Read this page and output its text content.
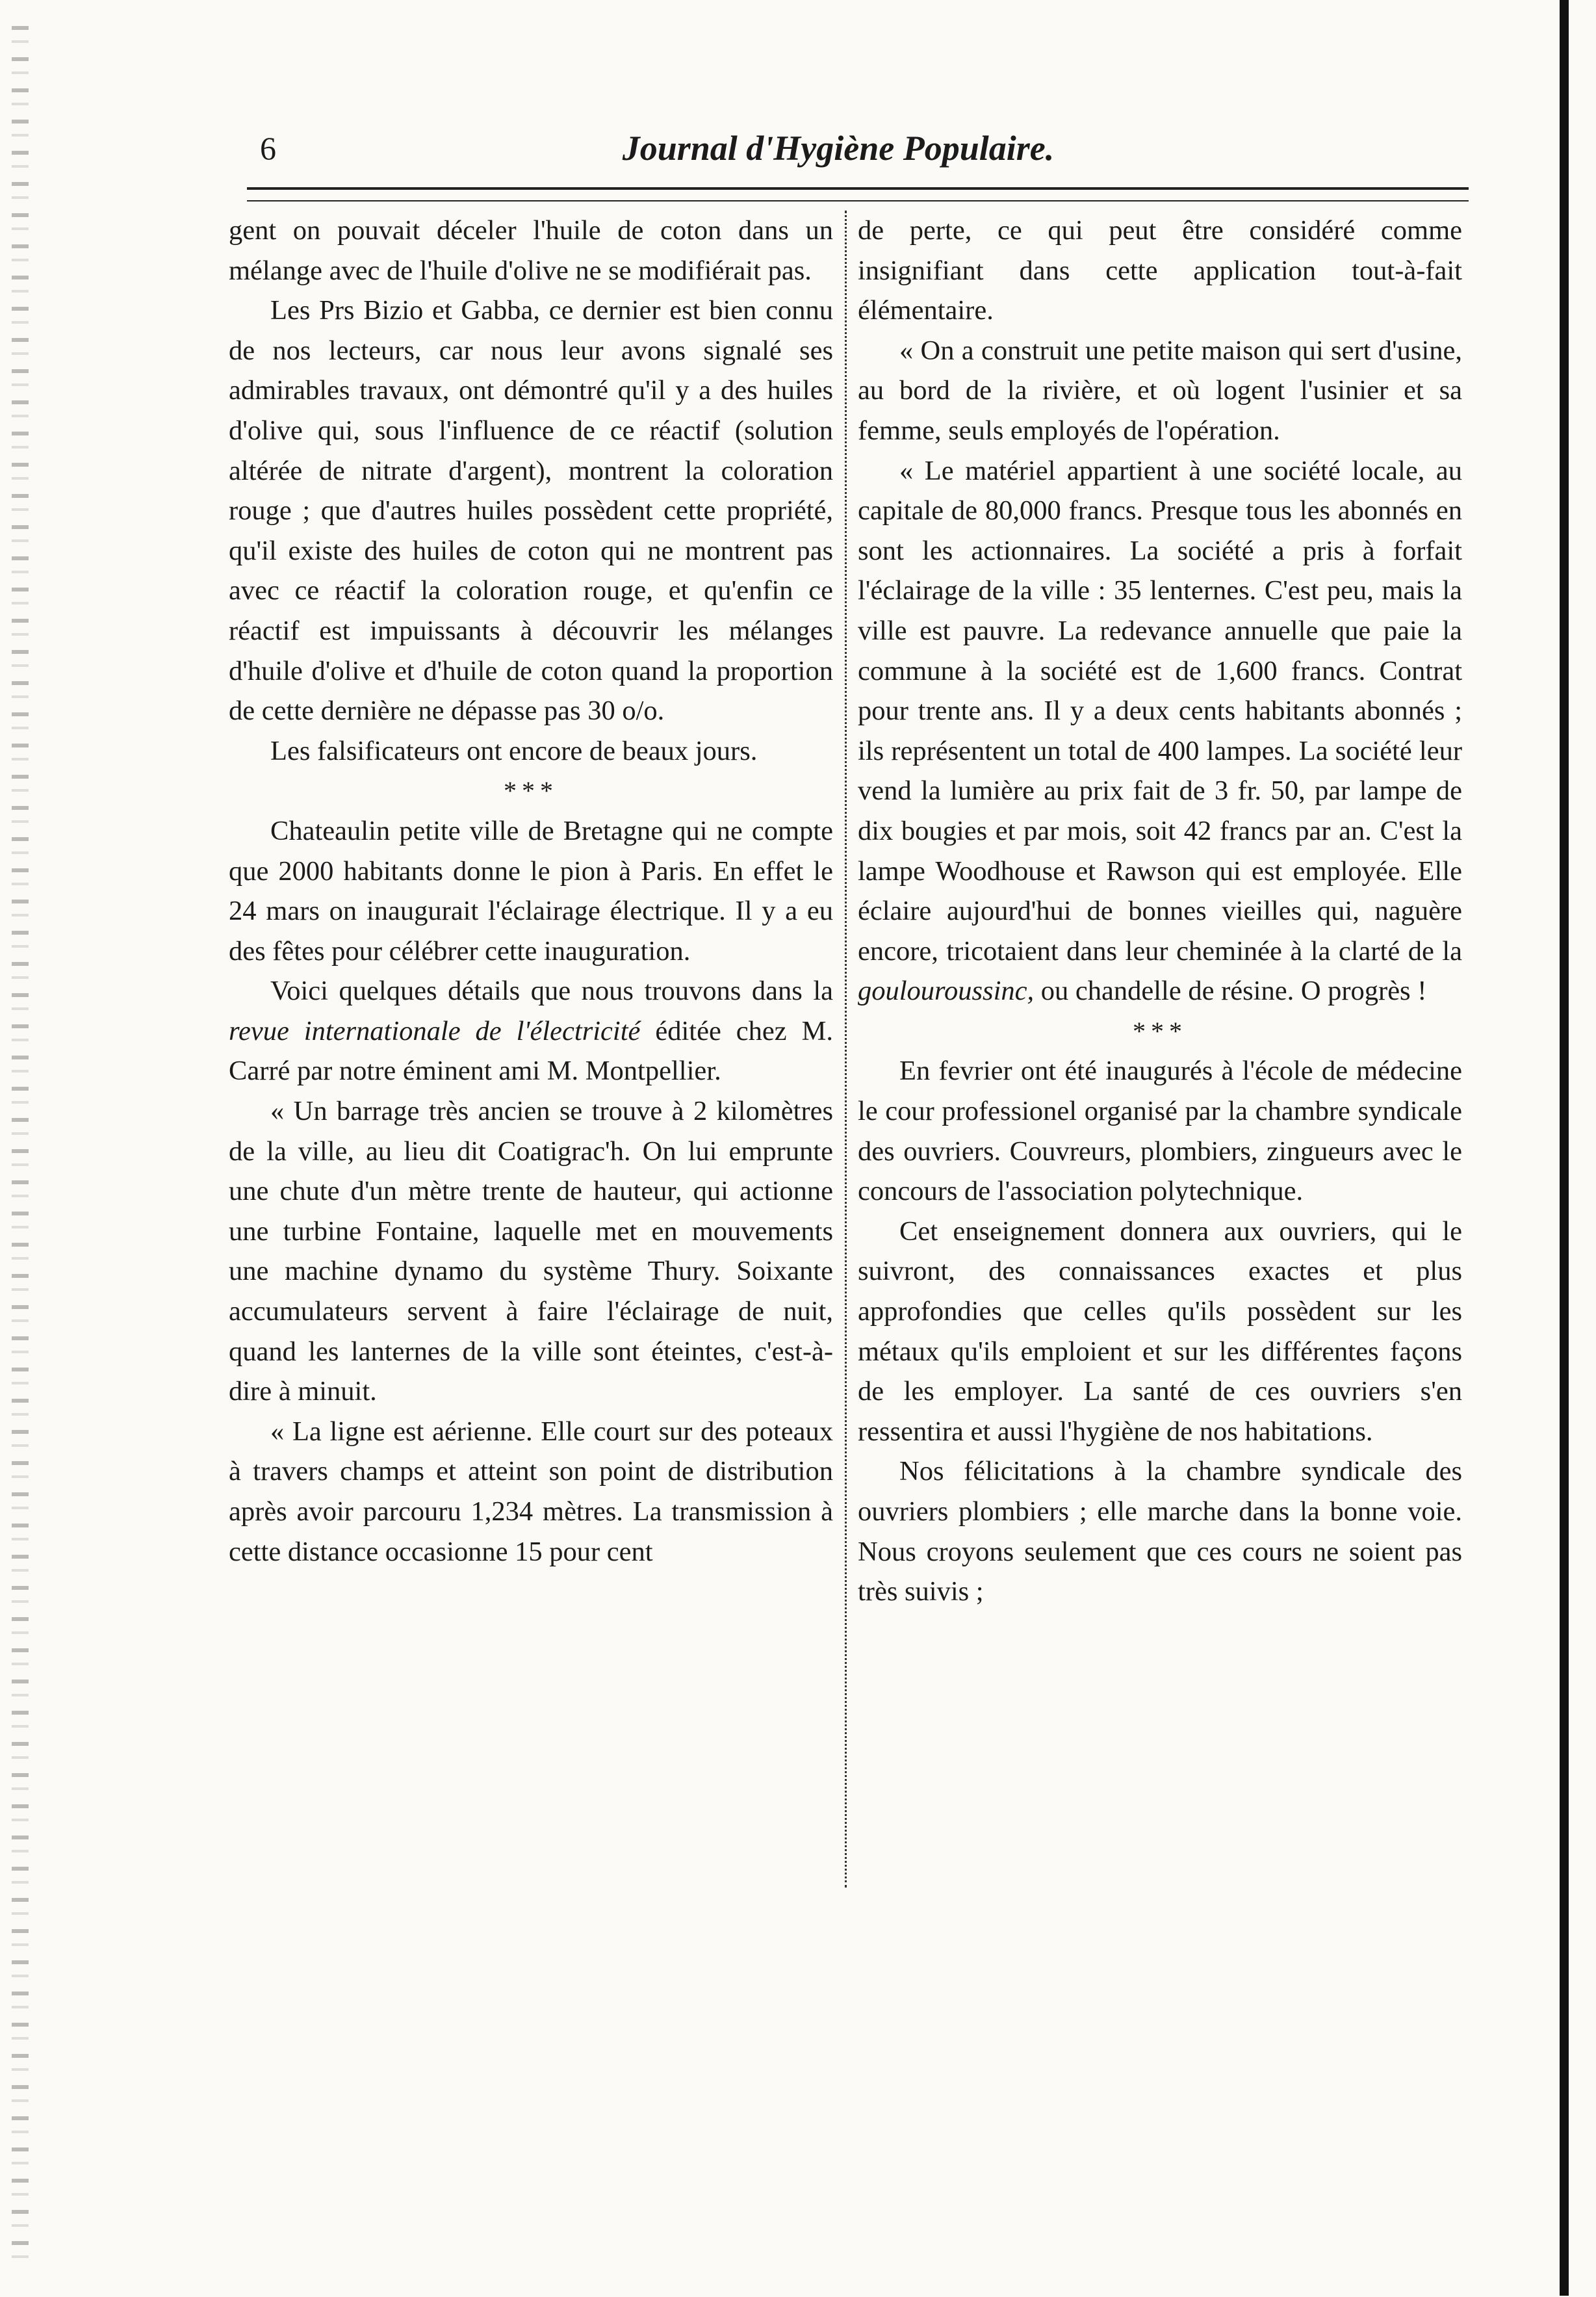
6	Journal d'Hygiène Populaire.

gent on pouvait déceler l'huile de coton dans un mélange avec de l'huile d'olive ne se modifiérait pas.

Les Prs Bizio et Gabba, ce dernier est bien connu de nos lecteurs, car nous leur avons signalé ses admirables travaux, ont démontré qu'il y a des huiles d'olive qui, sous l'influence de ce réactif (solution altérée de nitrate d'argent), montrent la coloration rouge ; que d'autres huiles possèdent cette propriété, qu'il existe des huiles de coton qui ne montrent pas avec ce réactif la coloration rouge, et qu'enfin ce réactif est impuissants à découvrir les mélanges d'huile d'olive et d'huile de coton quand la proportion de cette dernière ne dépasse pas 30 o/o.

Les falsificateurs ont encore de beaux jours.

***

Chateaulin petite ville de Bretagne qui ne compte que 2000 habitants donne le pion à Paris. En effet le 24 mars on inaugurait l'éclairage électrique. Il y a eu des fêtes pour célébrer cette inauguration.

Voici quelques détails que nous trouvons dans la revue internationale de l'électricité éditée chez M. Carré par notre éminent ami M. Montpellier.

« Un barrage très ancien se trouve à 2 kilomètres de la ville, au lieu dit Coatigrac'h. On lui emprunte une chute d'un mètre trente de hauteur, qui actionne une turbine Fontaine, laquelle met en mouvements une machine dynamo du système Thury. Soixante accumulateurs servent à faire l'éclairage de nuit, quand les lanternes de la ville sont éteintes, c'est-à-dire à minuit.

« La ligne est aérienne. Elle court sur des poteaux à travers champs et atteint son point de distribution après avoir parcouru 1,234 mètres. La transmission à cette distance occasionne 15 pour cent

de perte, ce qui peut être considéré comme insignifiant dans cette application tout-à-fait élémentaire.

« On a construit une petite maison qui sert d'usine, au bord de la rivière, et où logent l'usinier et sa femme, seuls employés de l'opération.

« Le matériel appartient à une société locale, au capitale de 80,000 francs. Presque tous les abonnés en sont les actionnaires. La société a pris à forfait l'éclairage de la ville : 35 lenternes. C'est peu, mais la ville est pauvre. La redevance annuelle que paie la commune à la société est de 1,600 francs. Contrat pour trente ans. Il y a deux cents habitants abonnés ; ils représentent un total de 400 lampes. La société leur vend la lumière au prix fait de 3 fr. 50, par lampe de dix bougies et par mois, soit 42 francs par an. C'est la lampe Woodhouse et Rawson qui est employée. Elle éclaire aujourd'hui de bonnes vieilles qui, naguère encore, tricotaient dans leur cheminée à la clarté de la goulouroussinc, ou chandelle de résine. O progrès !

***

En fevrier ont été inaugurés à l'école de médecine le cour professionel organisé par la chambre syndicale des ouvriers. Couvreurs, plombiers, zingueurs avec le concours de l'association polytechnique.

Cet enseignement donnera aux ouvriers, qui le suivront, des connaissances exactes et plus approfondies que celles qu'ils possèdent sur les métaux qu'ils emploient et sur les différentes façons de les employer. La santé de ces ouvriers s'en ressentira et aussi l'hygiène de nos habitations.

Nos félicitations à la chambre syndicale des ouvriers plombiers ; elle marche dans la bonne voie. Nous croyons seulement que ces cours ne soient pas très suivis ;
